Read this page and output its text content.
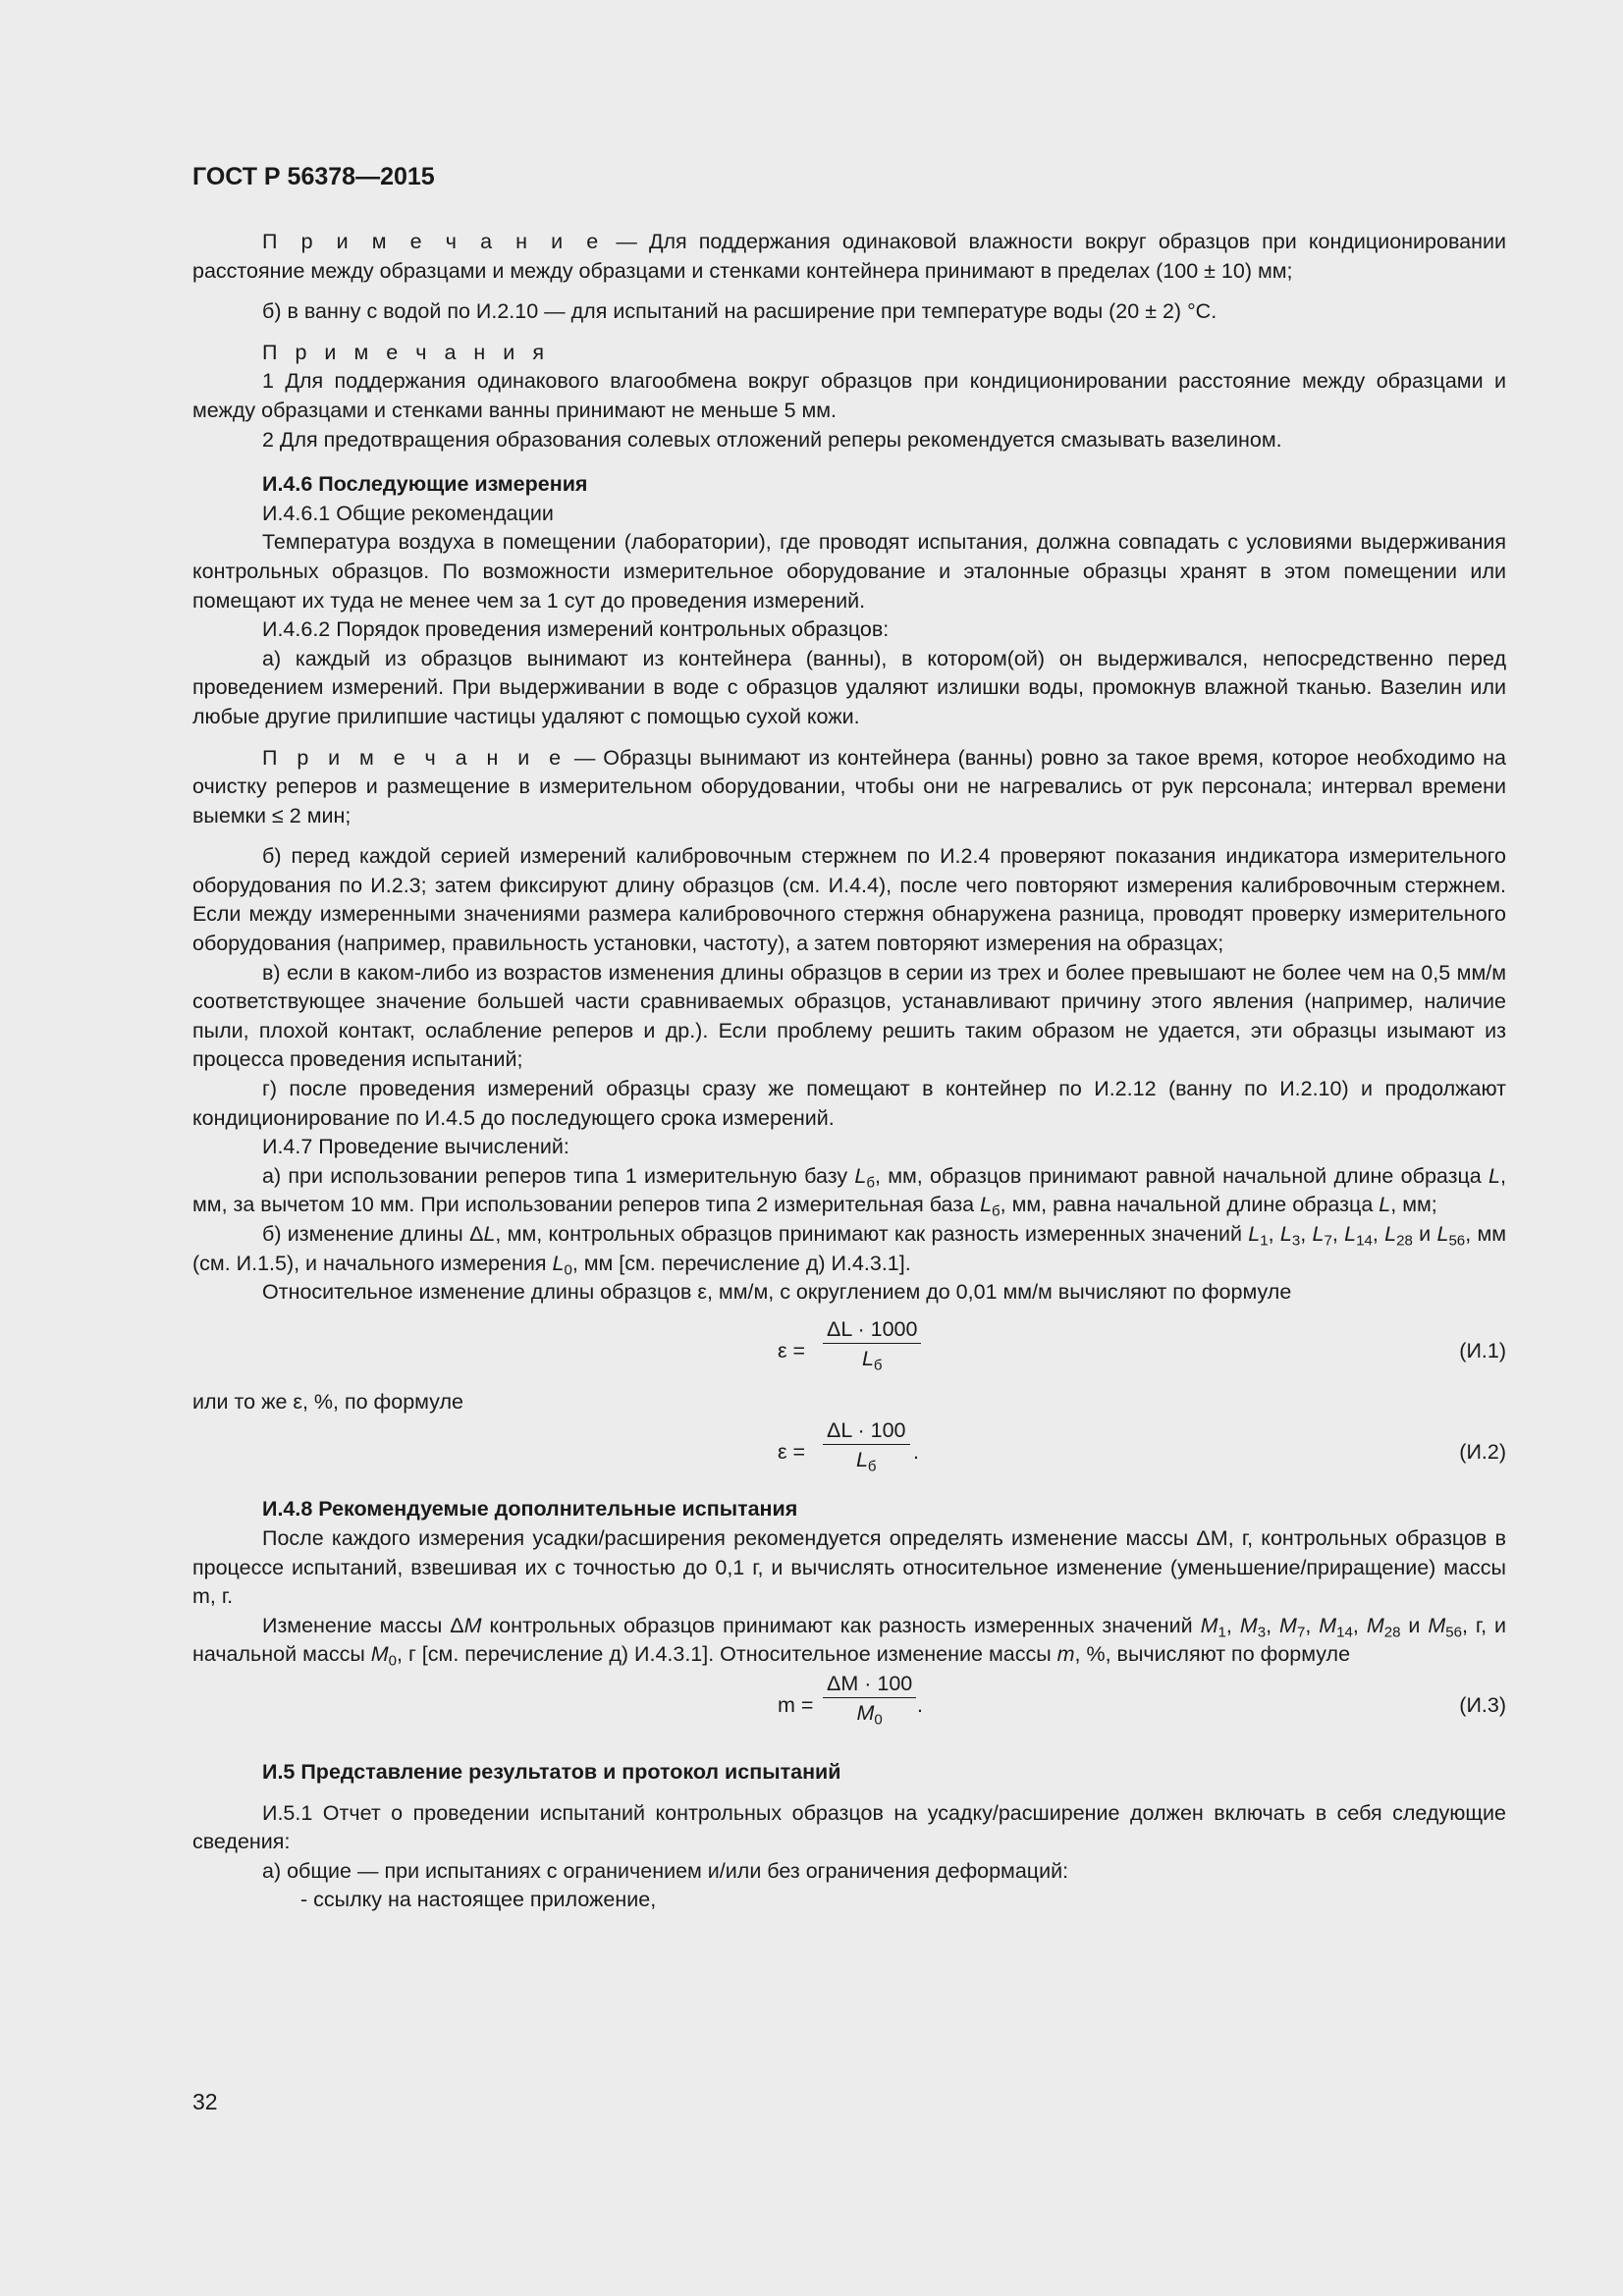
ГОСТ Р 56378—2015

П р и м е ч а н и е — Для поддержания одинаковой влажности вокруг образцов при кондиционировании расстояние между образцами и между образцами и стенками контейнера принимают в пределах (100 ± 10) мм;

б) в ванну с водой по И.2.10 — для испытаний на расширение при температуре воды (20 ± 2) °С.

П р и м е ч а н и я

1 Для поддержания одинакового влагообмена вокруг образцов при кондиционировании расстояние между образцами и между образцами и стенками ванны принимают не меньше 5 мм.

2 Для предотвращения образования солевых отложений реперы рекомендуется смазывать вазелином.

И.4.6 Последующие измерения

И.4.6.1 Общие рекомендации

Температура воздуха в помещении (лаборатории), где проводят испытания, должна совпадать с условиями выдерживания контрольных образцов. По возможности измерительное оборудование и эталонные образцы хранят в этом помещении или помещают их туда не менее чем за 1 сут до проведения измерений.

И.4.6.2 Порядок проведения измерений контрольных образцов:

а) каждый из образцов вынимают из контейнера (ванны), в котором(ой) он выдерживался, непосредственно перед проведением измерений. При выдерживании в воде с образцов удаляют излишки воды, промокнув влажной тканью. Вазелин или любые другие прилипшие частицы удаляют с помощью сухой кожи.

П р и м е ч а н и е — Образцы вынимают из контейнера (ванны) ровно за такое время, которое необходимо на очистку реперов и размещение в измерительном оборудовании, чтобы они не нагревались от рук персонала; интервал времени выемки ≤ 2 мин;

б) перед каждой серией измерений калибровочным стержнем по И.2.4 проверяют показания индикатора измерительного оборудования по И.2.3; затем фиксируют длину образцов (см. И.4.4), после чего повторяют измерения калибровочным стержнем. Если между измеренными значениями размера калибровочного стержня обнаружена разница, проводят проверку измерительного оборудования (например, правильность установки, частоту), а затем повторяют измерения на образцах;

в) если в каком-либо из возрастов изменения длины образцов в серии из трех и более превышают не более чем на 0,5 мм/м соответствующее значение большей части сравниваемых образцов, устанавливают причину этого явления (например, наличие пыли, плохой контакт, ослабление реперов и др.). Если проблему решить таким образом не удается, эти образцы изымают из процесса проведения испытаний;

г) после проведения измерений образцы сразу же помещают в контейнер по И.2.12 (ванну по И.2.10) и продолжают кондиционирование по И.4.5 до последующего срока измерений.

И.4.7 Проведение вычислений:

а) при использовании реперов типа 1 измерительную базу $L_б$, мм, образцов принимают равной начальной длине образца L, мм, за вычетом 10 мм. При использовании реперов типа 2 измерительная база $L_б$, мм, равна начальной длине образца L, мм;

б) изменение длины ΔL, мм, контрольных образцов принимают как разность измеренных значений $L_1$, $L_3$, $L_7$, $L_{14}$, $L_{28}$ и $L_{56}$, мм (см. И.1.5), и начального измерения $L_0$, мм [см. перечисление д) И.4.3.1].

Относительное изменение длины образцов ε, мм/м, с округлением до 0,01 мм/м вычисляют по формуле

ε =
ΔL · 1000
$L_б$
(И.1)

или то же ε, %, по формуле

ε =
ΔL · 100
$L_б$
.	(И.2)

И.4.8 Рекомендуемые дополнительные испытания

После каждого измерения усадки/расширения рекомендуется определять изменение массы ΔM, г, контрольных образцов в процессе испытаний, взвешивая их с точностью до 0,1 г, и вычислять относительное изменение (уменьшение/приращение) массы m, г.

Изменение массы ΔM контрольных образцов принимают как разность измеренных значений $M_1$, $M_3$, $M_7$, $M_{14}$, $M_{28}$ и $M_{56}$, г, и начальной массы $M_0$, г [см. перечисление д) И.4.3.1]. Относительное изменение массы m, %, вычисляют по формуле

$m = \frac{\Delta M \cdot 100}{M_0}$ .	(И.3)

И.5 Представление результатов и протокол испытаний

И.5.1 Отчет о проведении испытаний контрольных образцов на усадку/расширение должен включать в себя следующие сведения:

а) общие — при испытаниях с ограничением и/или без ограничения деформаций:

- ссылку на настоящее приложение,

32
